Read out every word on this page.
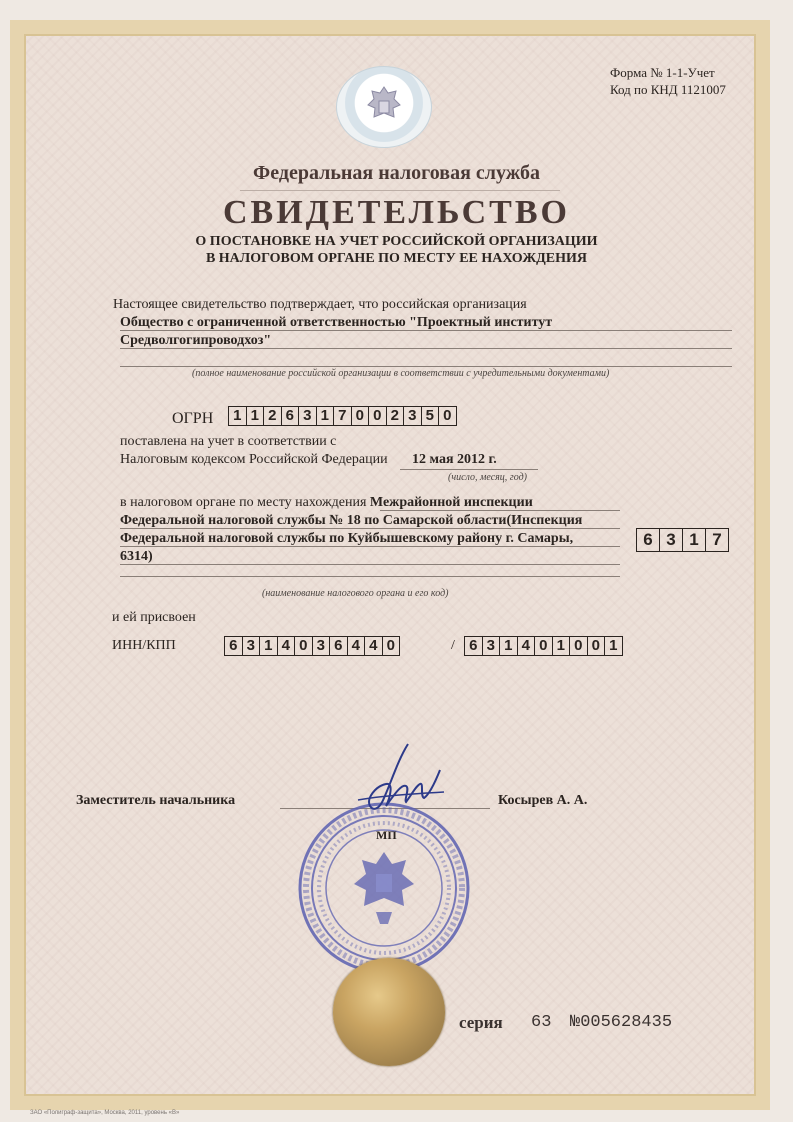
Форма № 1-1-Учет
Код по КНД 1121007
Федеральная налоговая служба
СВИДЕТЕЛЬСТВО
О ПОСТАНОВКЕ НА УЧЕТ РОССИЙСКОЙ ОРГАНИЗАЦИИ
В НАЛОГОВОМ ОРГАНЕ ПО МЕСТУ ЕЕ НАХОЖДЕНИЯ
Настоящее свидетельство подтверждает, что российская организация
Общество с ограниченной ответственностью "Проектный институт
Средволгогипроводхоз"
(полное наименование российской организации в соответствии с учредительными документами)
ОГРН 1 1 2 6 3 1 7 0 0 2 3 5 0
поставлена на учет в соответствии с
Налоговым кодексом Российской Федерации 12 мая 2012 г.
(число, месяц, год)
в налоговом органе по месту нахождения Межрайонной инспекции
Федеральной налоговой службы № 18 по Самарской области(Инспекция
Федеральной налоговой службы по Куйбышевскому району г. Самары,
6314)
6 3 1 7
(наименование налогового органа и его код)
и ей присвоен
ИНН/КПП	6 3 1 4 0 3 6 4 4 0	/ 6 3 1 4 0 1 0 0 1
Заместитель начальника	Косырев А. А.
МП
серия 63 №005628435
ЗАО «Полиграф-защита», Москва, 2011, уровень «В»
